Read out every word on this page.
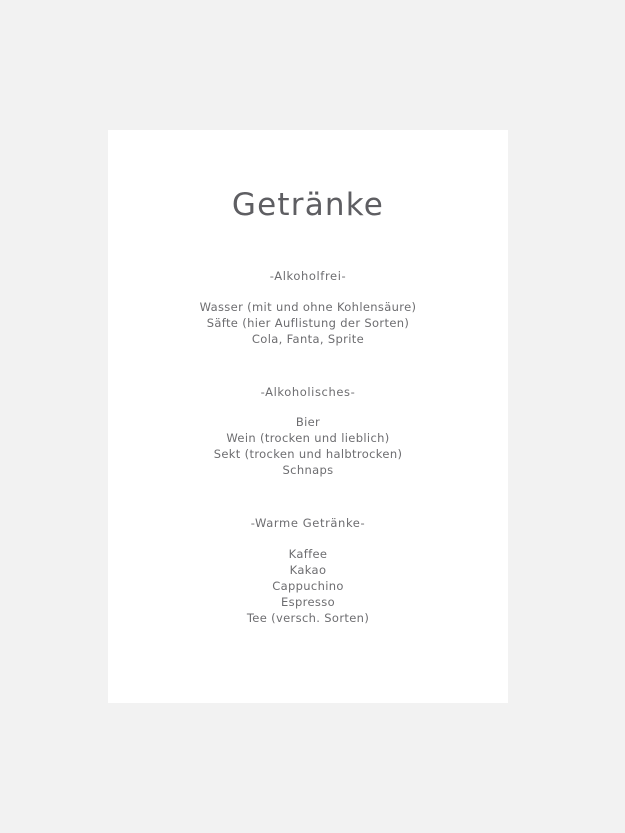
Getränke
-Alkoholfrei-
Wasser (mit und ohne Kohlensäure)
Säfte (hier Auflistung der Sorten)
Cola, Fanta, Sprite
-Alkoholisches-
Bier
Wein (trocken und lieblich)
Sekt (trocken und halbtrocken)
Schnaps
-Warme Getränke-
Kaffee
Kakao
Cappuchino
Espresso
Tee (versch. Sorten)
